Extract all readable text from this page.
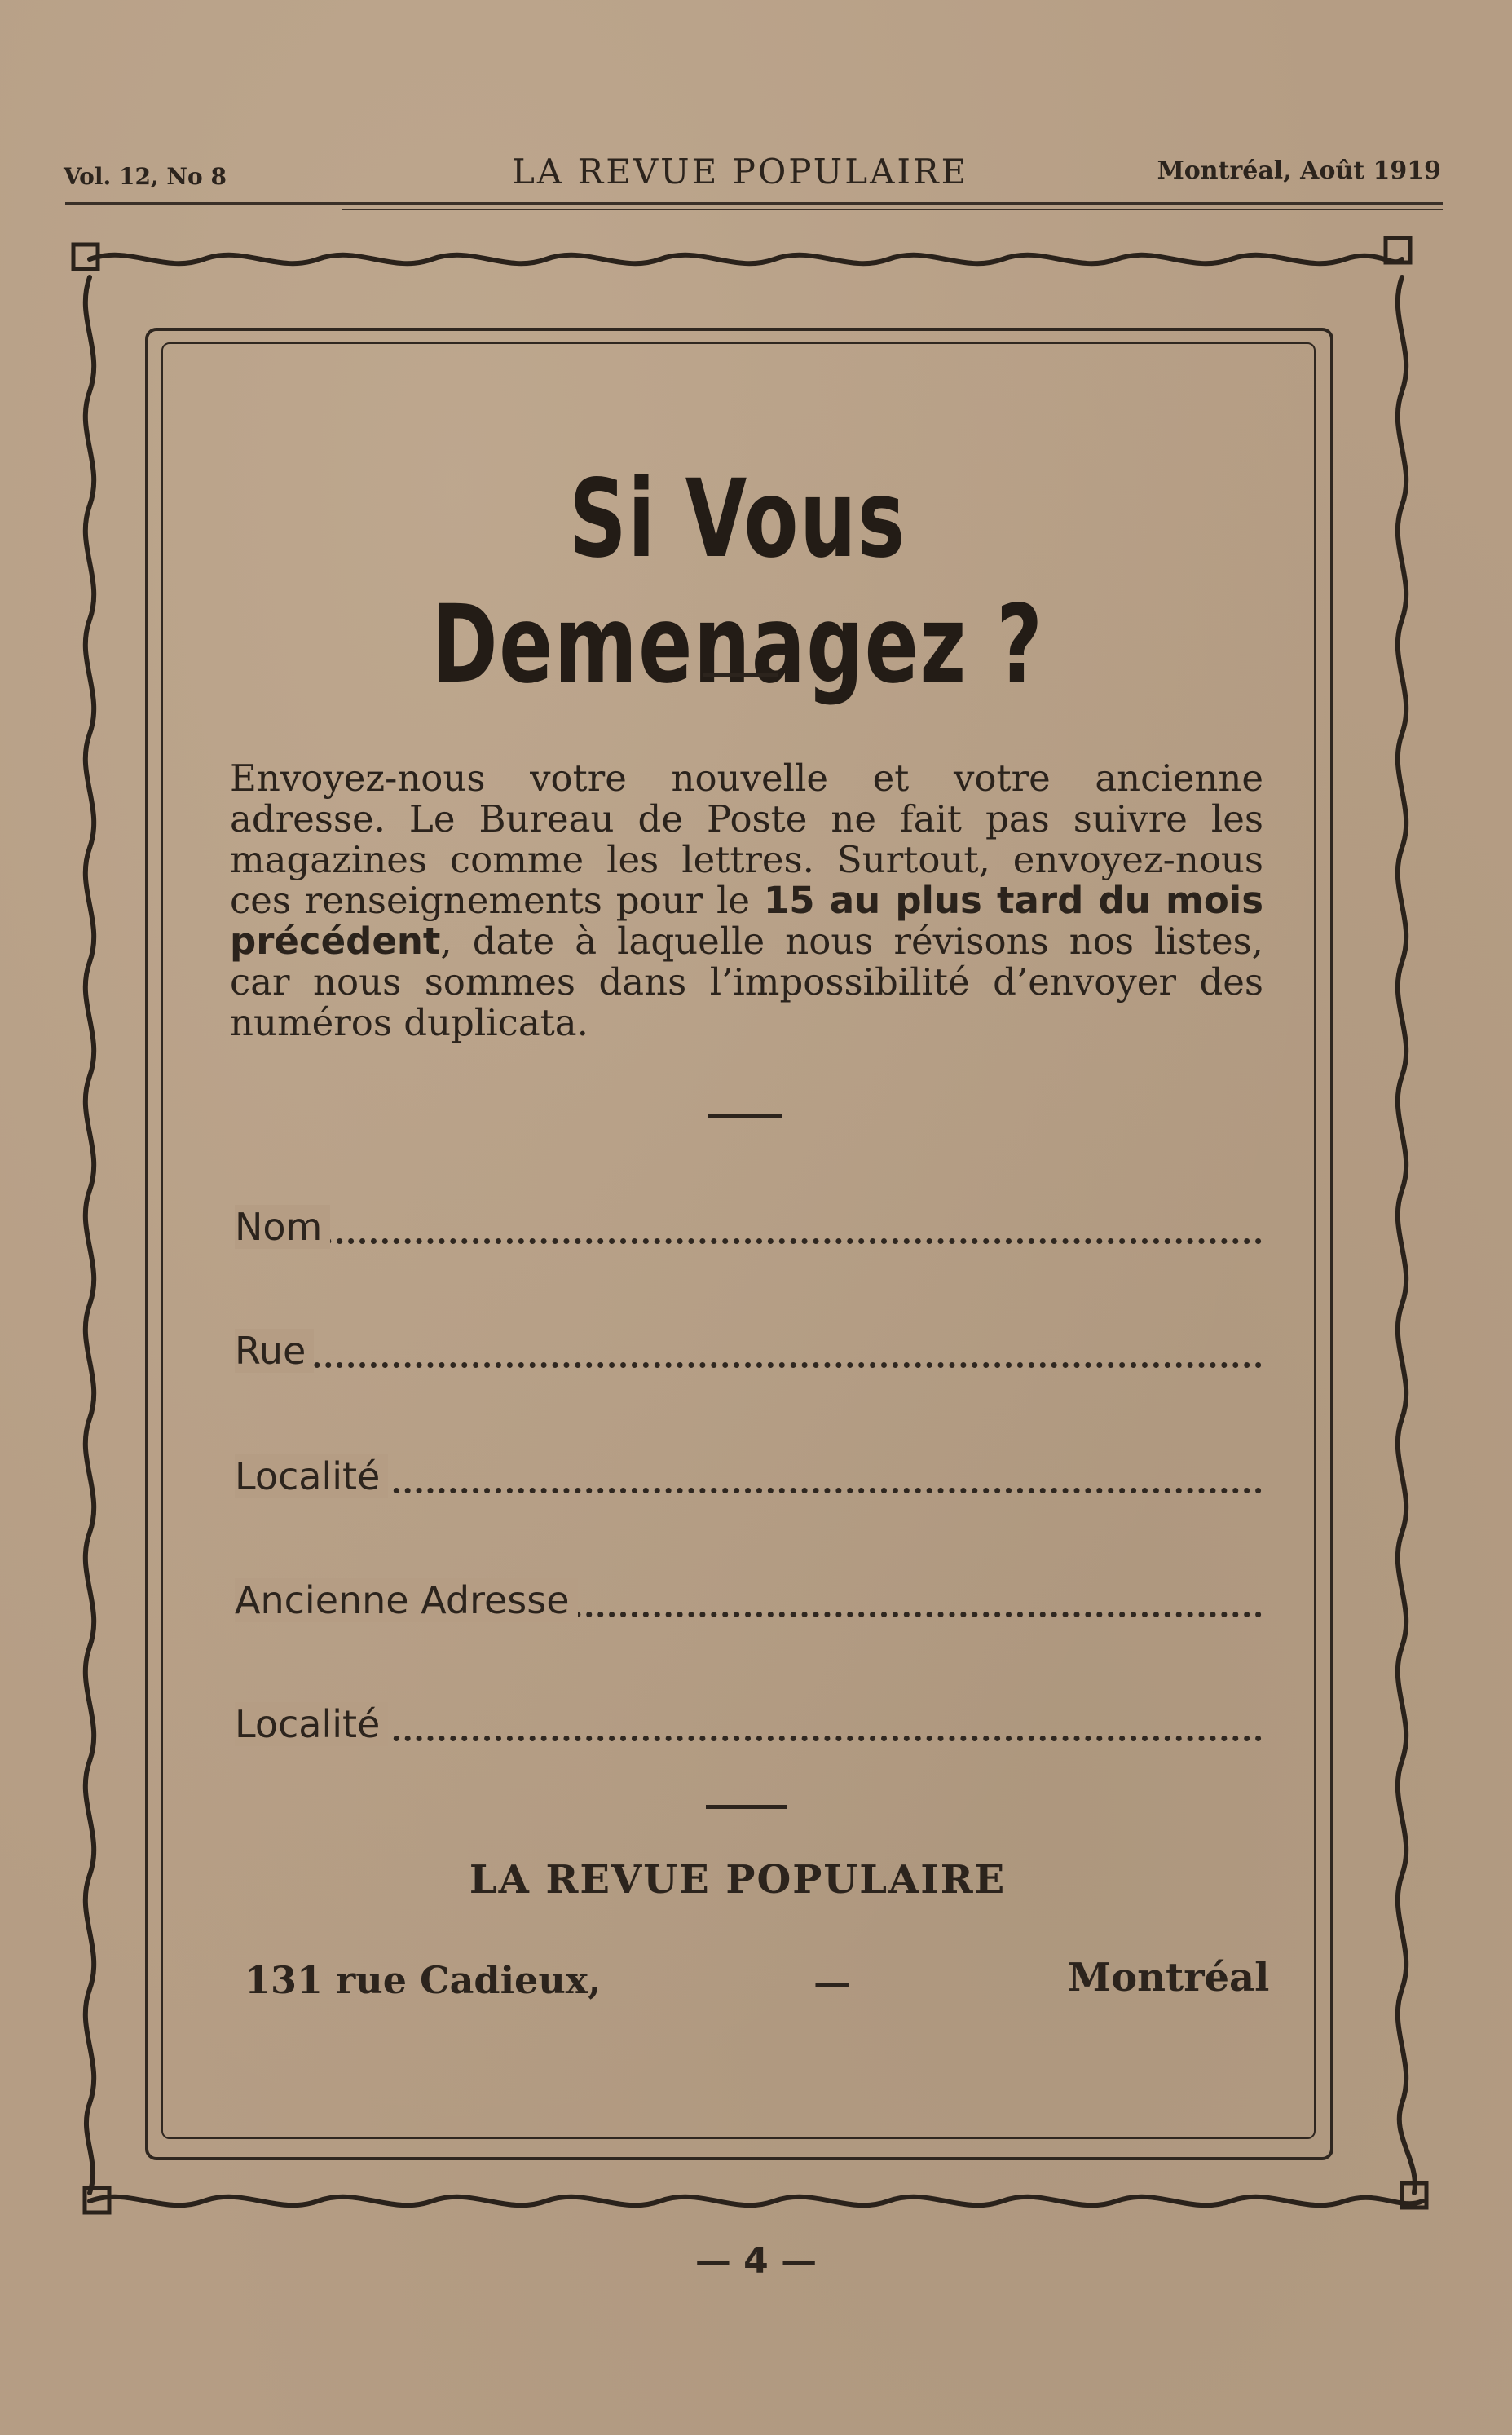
Vol. 12, No 8	LA REVUE POPULAIRE	Montréal, Août 1919
Si Vous Demenagez ?
Envoyez-nous votre nouvelle et votre ancienne adresse. Le Bureau de Poste ne fait pas suivre les magazines comme les lettres. Surtout, envoyez-nous ces renseignements pour le 15 au plus tard du mois précédent, date à laquelle nous révisons nos listes, car nous sommes dans l’impossibilité d’envoyer des numéros duplicata.
Nom
Rue
Localité
Ancienne Adresse
Localité
LA REVUE POPULAIRE
131 rue Cadieux,	—	Montréal
— 4 —
